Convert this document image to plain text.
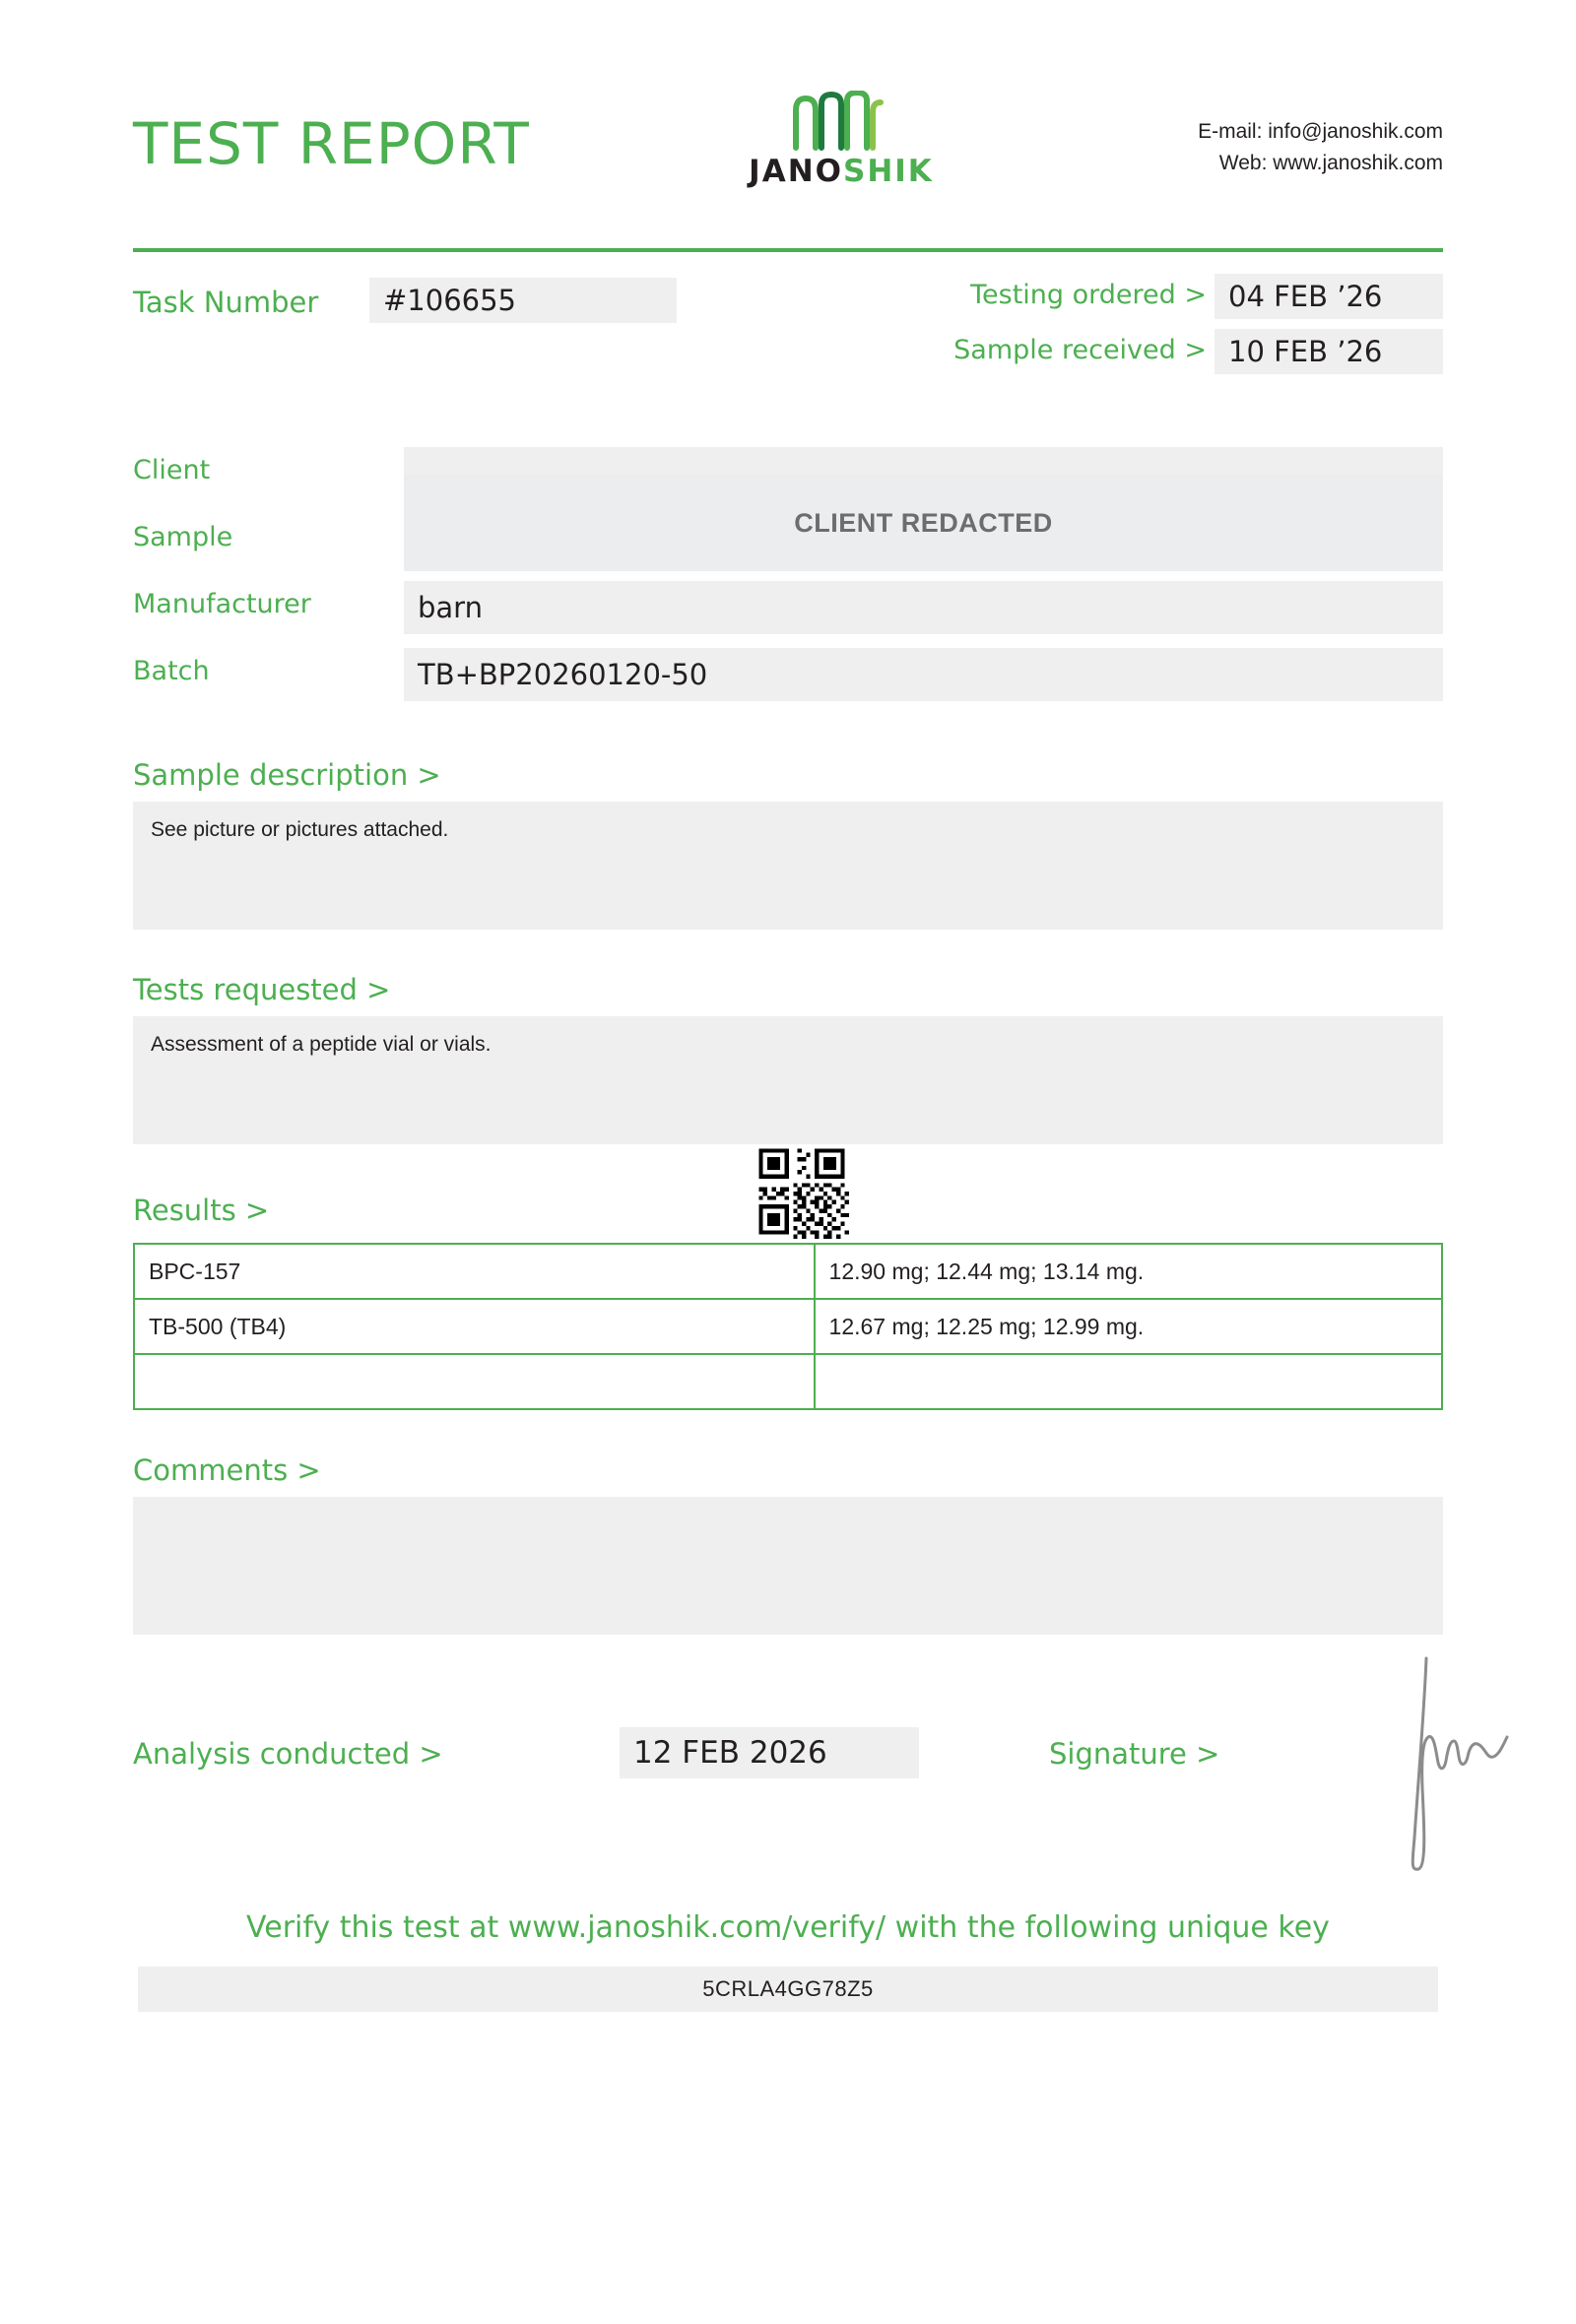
TEST REPORT	JANOSHIK
E-mail: info@janoshik.com
Web: www.janoshik.com
Task Number	#106655	Testing ordered > 04 FEB ’26
Sample received > 10 FEB ’26
Client
Sample	CLIENT REDACTED
Manufacturer	barn
Batch	TB+BP20260120-50
Sample description >
See picture or pictures attached.
Tests requested >
Assessment of a peptide vial or vials.
Results >
BPC-157	12.90 mg; 12.44 mg; 13.14 mg.
TB-500 (TB4)	12.67 mg; 12.25 mg; 12.99 mg.

Comments >
Analysis conducted >	12 FEB 2026	Signature >
Verify this test at www.janoshik.com/verify/ with the following unique key
5CRLA4GG78Z5
